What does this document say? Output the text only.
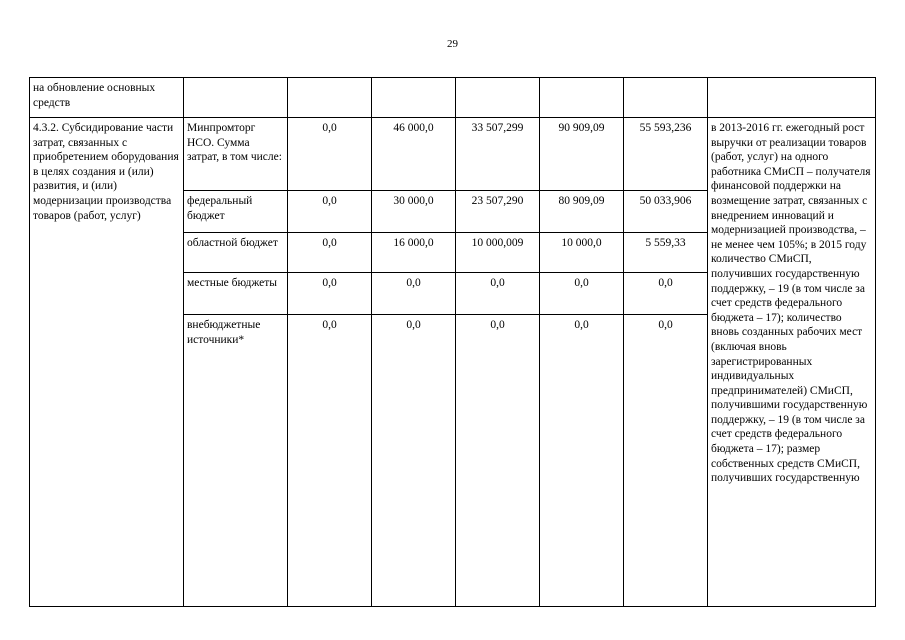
29
на обновление основных средств							
4.3.2. Субсидирование части затрат, связанных с приобретением оборудования в целях создания и (или) развития, и (или) модернизации производства товаров (работ, услуг)	Минпромторг НСО. Сумма затрат, в том числе:	0,0	46 000,0	33 507,299	90 909,09	55 593,236	в 2013-2016 гг. ежегодный рост выручки от реализации товаров (работ, услуг) на одного работника СМиСП – получателя финансовой поддержки на возмещение затрат, связанных с внедрением инноваций и модернизацией производства, – не менее чем 105%; в 2015 году количество СМиСП, получивших государственную поддержку, – 19 (в том числе за счет средств федерального бюджета – 17); количество вновь созданных рабочих мест (включая вновь зарегистрированных индивидуальных предпринимателей) СМиСП, получившими государственную поддержку, – 19 (в том числе за счет средств федерального бюджета – 17); размер собственных средств СМиСП, получивших государственную
	федеральный бюджет	0,0	30 000,0	23 507,290	80 909,09	50 033,906	
	областной бюджет	0,0	16 000,0	10 000,009	10 000,0	5 559,33	
	местные бюджеты	0,0	0,0	0,0	0,0	0,0	
	внебюджетные источники*	0,0	0,0	0,0	0,0	0,0	
